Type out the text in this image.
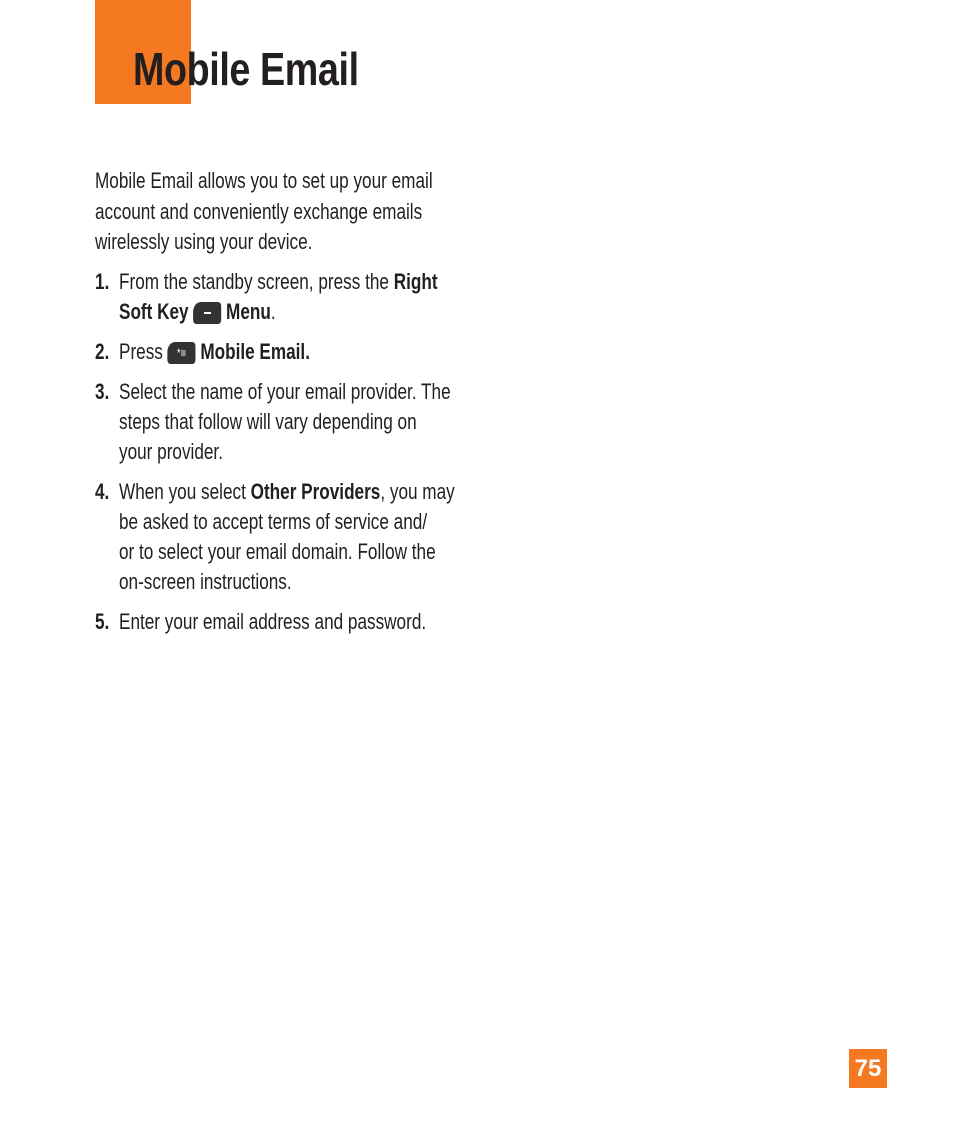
Mobile Email
Mobile Email allows you to set up your email
account and conveniently exchange emails
wirelessly using your device.
1. From the standby screen, press the Right
Soft Key Menu.
2. Press *≡ Mobile Email.
3. Select the name of your email provider. The
steps that follow will vary depending on
your provider.
4. When you select Other Providers, you may
be asked to accept terms of service and/
or to select your email domain. Follow the
on-screen instructions.
5. Enter your email address and password.
75
